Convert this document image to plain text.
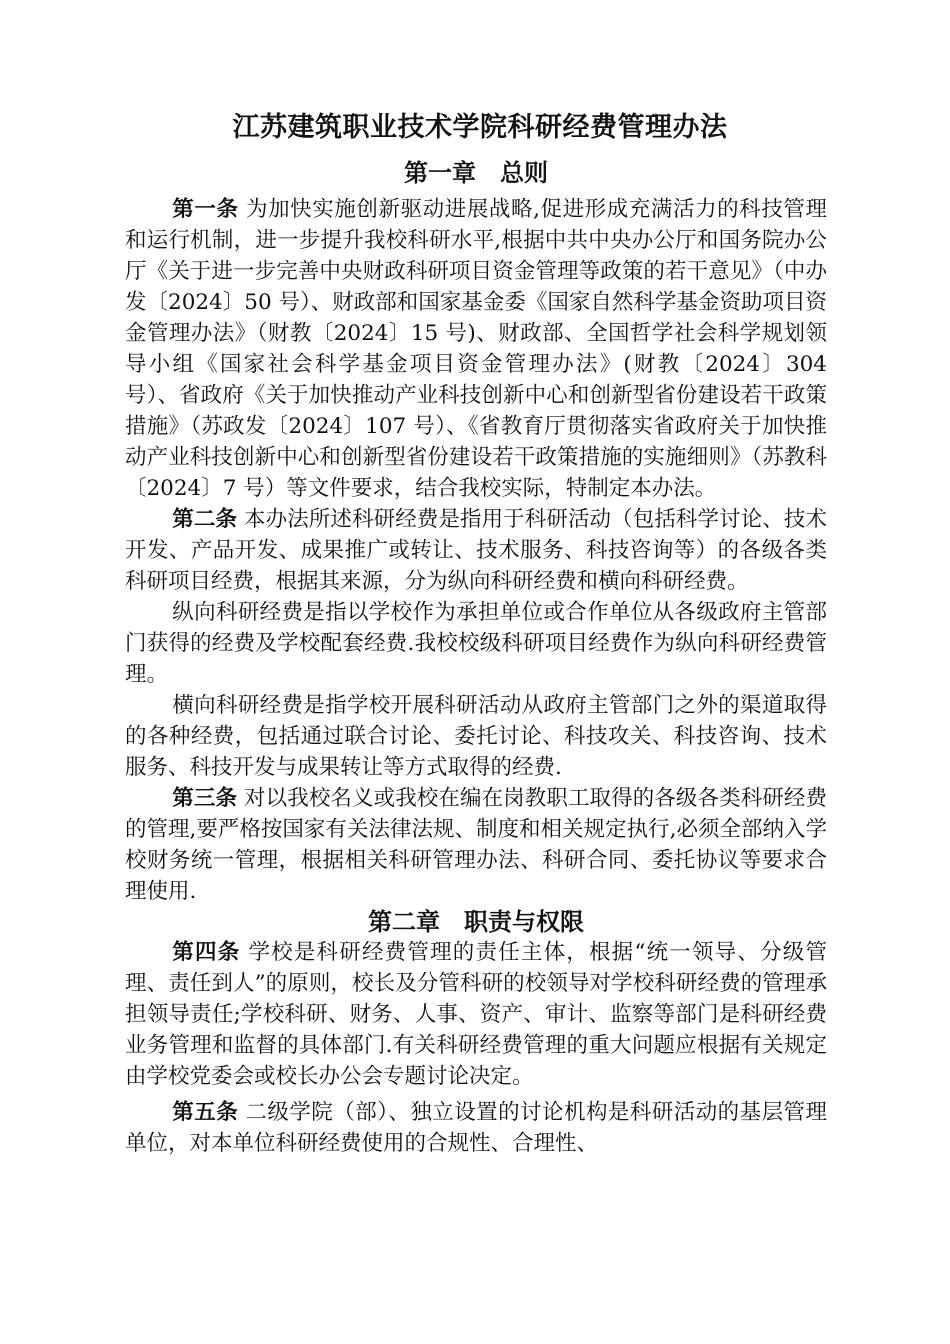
江苏建筑职业技术学院科研经费管理办法
第一章　总则

第一条 为加快实施创新驱动进展战略,促进形成充满活力的科技管理和运行机制，进一步提升我校科研水平,根据中共中央办公厅和国务院办公厅《关于进一步完善中央财政科研项目资金管理等政策的若干意见》（中办发〔2024〕50 号）、财政部和国家基金委《国家自然科学基金资助项目资金管理办法》（财教〔2024〕15 号)、财政部、全国哲学社会科学规划领导小组《国家社会科学基金项目资金管理办法》(财教〔2024〕304 号）、省政府《关于加快推动产业科技创新中心和创新型省份建设若干政策措施》（苏政发〔2024〕107 号）、《省教育厅贯彻落实省政府关于加快推动产业科技创新中心和创新型省份建设若干政策措施的实施细则》（苏教科〔2024〕7 号）等文件要求，结合我校实际，特制定本办法。

第二条 本办法所述科研经费是指用于科研活动（包括科学讨论、技术开发、产品开发、成果推广或转让、技术服务、科技咨询等）的各级各类科研项目经费，根据其来源，分为纵向科研经费和横向科研经费。

纵向科研经费是指以学校作为承担单位或合作单位从各级政府主管部门获得的经费及学校配套经费.我校校级科研项目经费作为纵向科研经费管理。

横向科研经费是指学校开展科研活动从政府主管部门之外的渠道取得的各种经费，包括通过联合讨论、委托讨论、科技攻关、科技咨询、技术服务、科技开发与成果转让等方式取得的经费.

第三条 对以我校名义或我校在编在岗教职工取得的各级各类科研经费的管理,要严格按国家有关法律法规、制度和相关规定执行,必须全部纳入学校财务统一管理，根据相关科研管理办法、科研合同、委托协议等要求合理使用.

第二章　职责与权限

第四条 学校是科研经费管理的责任主体，根据“统一领导、分级管理、责任到人”的原则，校长及分管科研的校领导对学校科研经费的管理承担领导责任;学校科研、财务、人事、资产、审计、监察等部门是科研经费业务管理和监督的具体部门.有关科研经费管理的重大问题应根据有关规定由学校党委会或校长办公会专题讨论决定。

第五条 二级学院（部）、独立设置的讨论机构是科研活动的基层管理单位，对本单位科研经费使用的合规性、合理性、
